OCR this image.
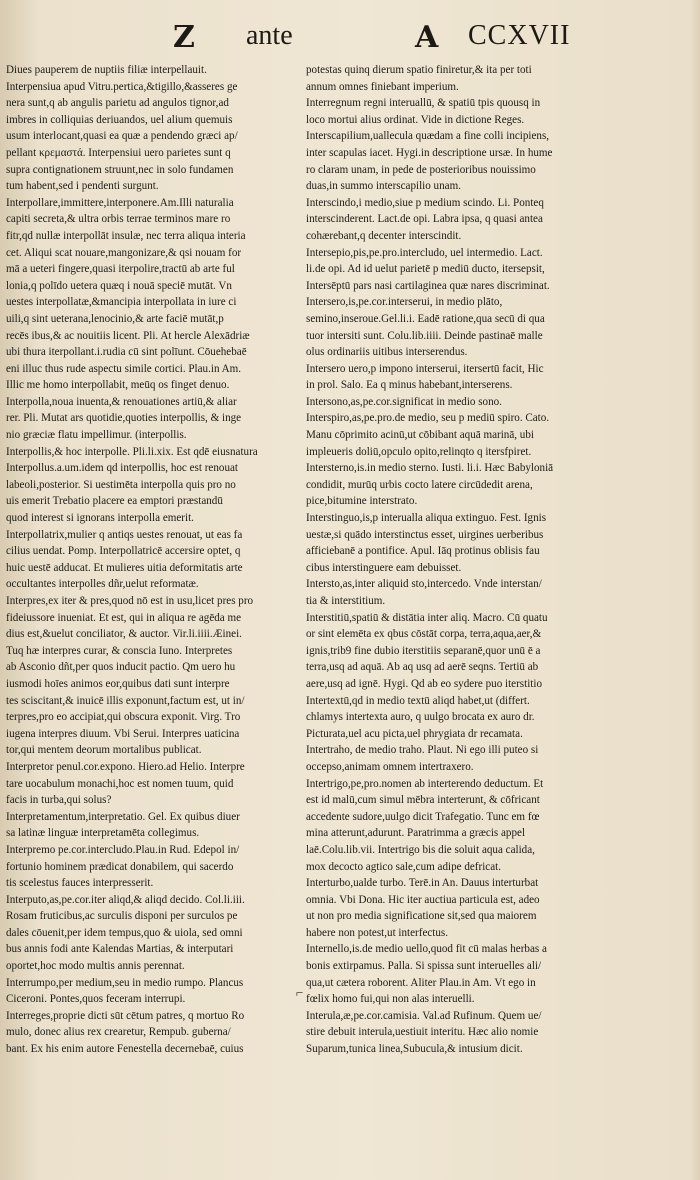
Z ante	A CCXVII
Diues pauperem de nuptiis filiæ interpellauit.
Interpensiua apud Vitru.pertica,&tigillo,&asseres ge
nera sunt,q ab angulis parietu ad angulos tignor,ad
imbres in colliquias deriuandos, uel alium quemuis
usum interlocant,quasi ea quæ a pendendo græci ap/
pellant κρεμαστά. Interpensiui uero parietes sunt q
supra contignationem struunt,nec in solo fundamen
tum habent,sed i pendenti surgunt.
Interpollare,immittere,interponere.Am.Illi naturalia
capiti secreta,& ultra orbis terrae terminos mare ro
fitr,qd nullæ interpollāt insulæ, nec terra aliqua interia
cet. Aliqui scat nouare,mangonizare,& qsi nouam for
mā a ueteri fingere,quasi iterpolire,tractū ab arte ful
lonia,q polīdo uetera quæq i nouā speciē mutāt. Vn
uestes interpollatæ,&mancipia interpollata in iure ci
uili,q sint ueterana,lenocinio,& arte faciē mutāt,p
recēs ibus,& ac nouitiis licent. Pli. At hercle Alexādriæ
ubi thura iterpollant.i.rudia cū sint polīunt. Cōuehebaē
eni illuc thus rude aspectu simile cortici. Plau.in Am.
Illic me homo interpollabit, meūq os finget denuo.
Interpolla,noua inuenta,& renouationes artiū,& aliar
rer. Pli. Mutat ars quotidie,quoties interpollis, & inge
nio græciæ flatu impellimur. (interpollis.
Interpollis,& hoc interpolle. Pli.li.xix. Est qdē eiusnatura
Interpollus.a.um.idem qd interpollis, hoc est renouat
labeoli,posterior. Si uestimēta interpolla quis pro no
uis emerit Trebatio placere ea emptori præstandū
quod interest si ignorans interpolla emerit.
Interpollatrix,mulier q antiqs uestes renouat, ut eas fa
cilius uendat. Pomp. Interpollatricē accersire optet, q
huic uestē adducat. Et mulieres uitia deformitatis arte
occultantes interpolles dñr,uelut reformatæ.
Interpres,ex iter & pres,quod nō est in usu,licet pres pro
fideiussore inueniat. Et est, qui in aliqua re agēda me
dius est,&uelut conciliator, & auctor. Vir.li.iiii.Æinei.
Tuq hæ interpres curar, & conscia Iuno. Interpretes
ab Asconio dñt,per quos inducit pactio. Qm uero hu
iusmodi hoīes animos eor,quibus dati sunt interpre
tes sciscitant,& inuicē illis exponunt,factum est, ut in/
terpres,pro eo accipiat,qui obscura exponit. Virg. Tro
iugena interpres diuum. Vbi Serui. Interpres uaticina
tor,qui mentem deorum mortalibus publicat.
Interpretor penul.cor.expono. Hiero.ad Helio. Interpre
tare uocabulum monachi,hoc est nomen tuum, quid
facis in turba,qui solus?
Interpretamentum,interpretatio. Gel. Ex quibus diuer
sa latinæ linguæ interpretamēta collegimus.
Interpremo pe.cor.intercludo.Plau.in Rud. Edepol in/
fortunio hominem prædicat donabilem, qui sacerdo
tis scelestus fauces interpresserit.
Interputo,as,pe.cor.iter aliqd,& aliqd decido. Col.li.iii.
Rosam fruticibus,ac surculis disponi per surculos pe
dales cōuenit,per idem tempus,quo & uiola, sed omni
bus annis fodi ante Kalendas Martias, & interputari
oportet,hoc modo multis annis perennat.
Interrumpo,per medium,seu in medio rumpo. Plancus
Ciceroni. Pontes,quos feceram interrupi.
Interreges,proprie dicti sūt cētum patres, q mortuo Ro
mulo, donec alius rex crearetur, Rempub. guberna/
bant. Ex his enim autore Fenestella decernebaē, cuius
potestas quinq dierum spatio finiretur,& ita per toti
annum omnes finiebant imperium.
Interregnum regni interuallū, & spatiū tpis quousq in
loco mortui alius ordinat. Vide in dictione Reges.
Interscapilium,uallecula quædam a fine colli incipiens,
inter scapulas iacet. Hygi.in descriptione ursæ. In hume
ro claram unam, in pede de posterioribus nouissimo
duas,in summo interscapilio unam.
Interscindo,i medio,siue p medium scindo. Li. Ponteq
interscinderent. Lact.de opi. Labra ipsa, q quasi antea
cohærebant,q decenter interscindit.
Intersepio,pis,pe.pro.intercludo, uel intermedio. Lact.
li.de opi. Ad id uelut parietē p mediū ducto, itersepsit,
Intersēptū pars nasi cartilaginea quæ nares discriminat.
Intersero,is,pe.cor.interserui, in medio plāto,
semino,inseroue.Gel.li.i. Eadē ratione,qua secū di qua
tuor intersiti sunt. Colu.lib.iiii. Deinde pastinaē malle
olus ordinariis uitibus interserendus.
Intersero uero,p impono interserui, itersertū facit, Hic
in prol. Salo. Ea q minus habebant,interserens.
Intersono,as,pe.cor.significat in medio sono.
Interspiro,as,pe.pro.de medio, seu p mediū spiro. Cato.
Manu cōprimito acinū,ut cōbibant aquā marinā, ubi
impleueris doliū,opculo opito,relinqto q itersfpiret.
Intersterno,is.in medio sterno. Iusti. li.i. Hæc Babyloniā
condidit, murūq urbis cocto latere circūdedit arena,
pice,bitumine interstrato.
Interstinguo,is,p interualla aliqua extinguo. Fest. Ignis
uestæ,si quādo interstinctus esset, uirgines uerberibus
afficiebanē a pontifice. Apul. Iāq protinus oblisis fau
cibus interstinguere eam debuisset.
Intersto,as,inter aliquid sto,intercedo. Vnde interstan/
tia & interstitium.
Interstitiū,spatiū & distātia inter aliq. Macro. Cū quatu
or sint elemēta ex qbus cōstāt corpa, terra,aqua,aer,&
ignis,trib9 fine dubio iterstitiis separanē,quor unū ē a
terra,usq ad aquā. Ab aq usq ad aerē seqns. Tertiū ab
aere,usq ad ignē. Hygi. Qd ab eo sydere puo iterstitio
Intertextū,qd in medio textū aliqd habet,ut (differt.
chlamys intertexta auro, q uulgo brocata ex auro dr.
Picturata,uel acu picta,uel phrygiata dr recamata.
Intertraho, de medio traho. Plaut. Ni ego illi puteo si
occepso,animam omnem intertraxero.
Intertrigo,pe,pro.nomen ab interterendo deductum. Et
est id malū,cum simul mēbra interterunt, & cōfricant
accedente sudore,uulgo dicit Trafegatio. Tunc em fœ
mina atterunt,adurunt. Paratrimma a græcis appel
laē.Colu.lib.vii. Intertrigo bis die soluit aqua calida,
mox decocto agtico sale,cum adipe defricat.
Interturbo,ualde turbo. Terē.in An. Dauus interturbat
omnia. Vbi Dona. Hic iter auctiua particula est, adeo
ut non pro media significatione sit,sed qua maiorem
habere non potest,ut interfectus.
Internello,is.de medio uello,quod fit cū malas herbas a
bonis extirpamus. Palla. Si spissa sunt interuelles ali/
qua,ut cætera roborent. Aliter Plau.in Am. Vt ego in
fœlix homo fui,qui non alas interuelli.
Interula,æ,pe.cor.camisia. Val.ad Rufinum. Quem ue/
stire debuit interula,uestiuit interitu. Hæc alio nomie
Suparum,tunica linea,Subucula,& intusium dicit.
⌐
